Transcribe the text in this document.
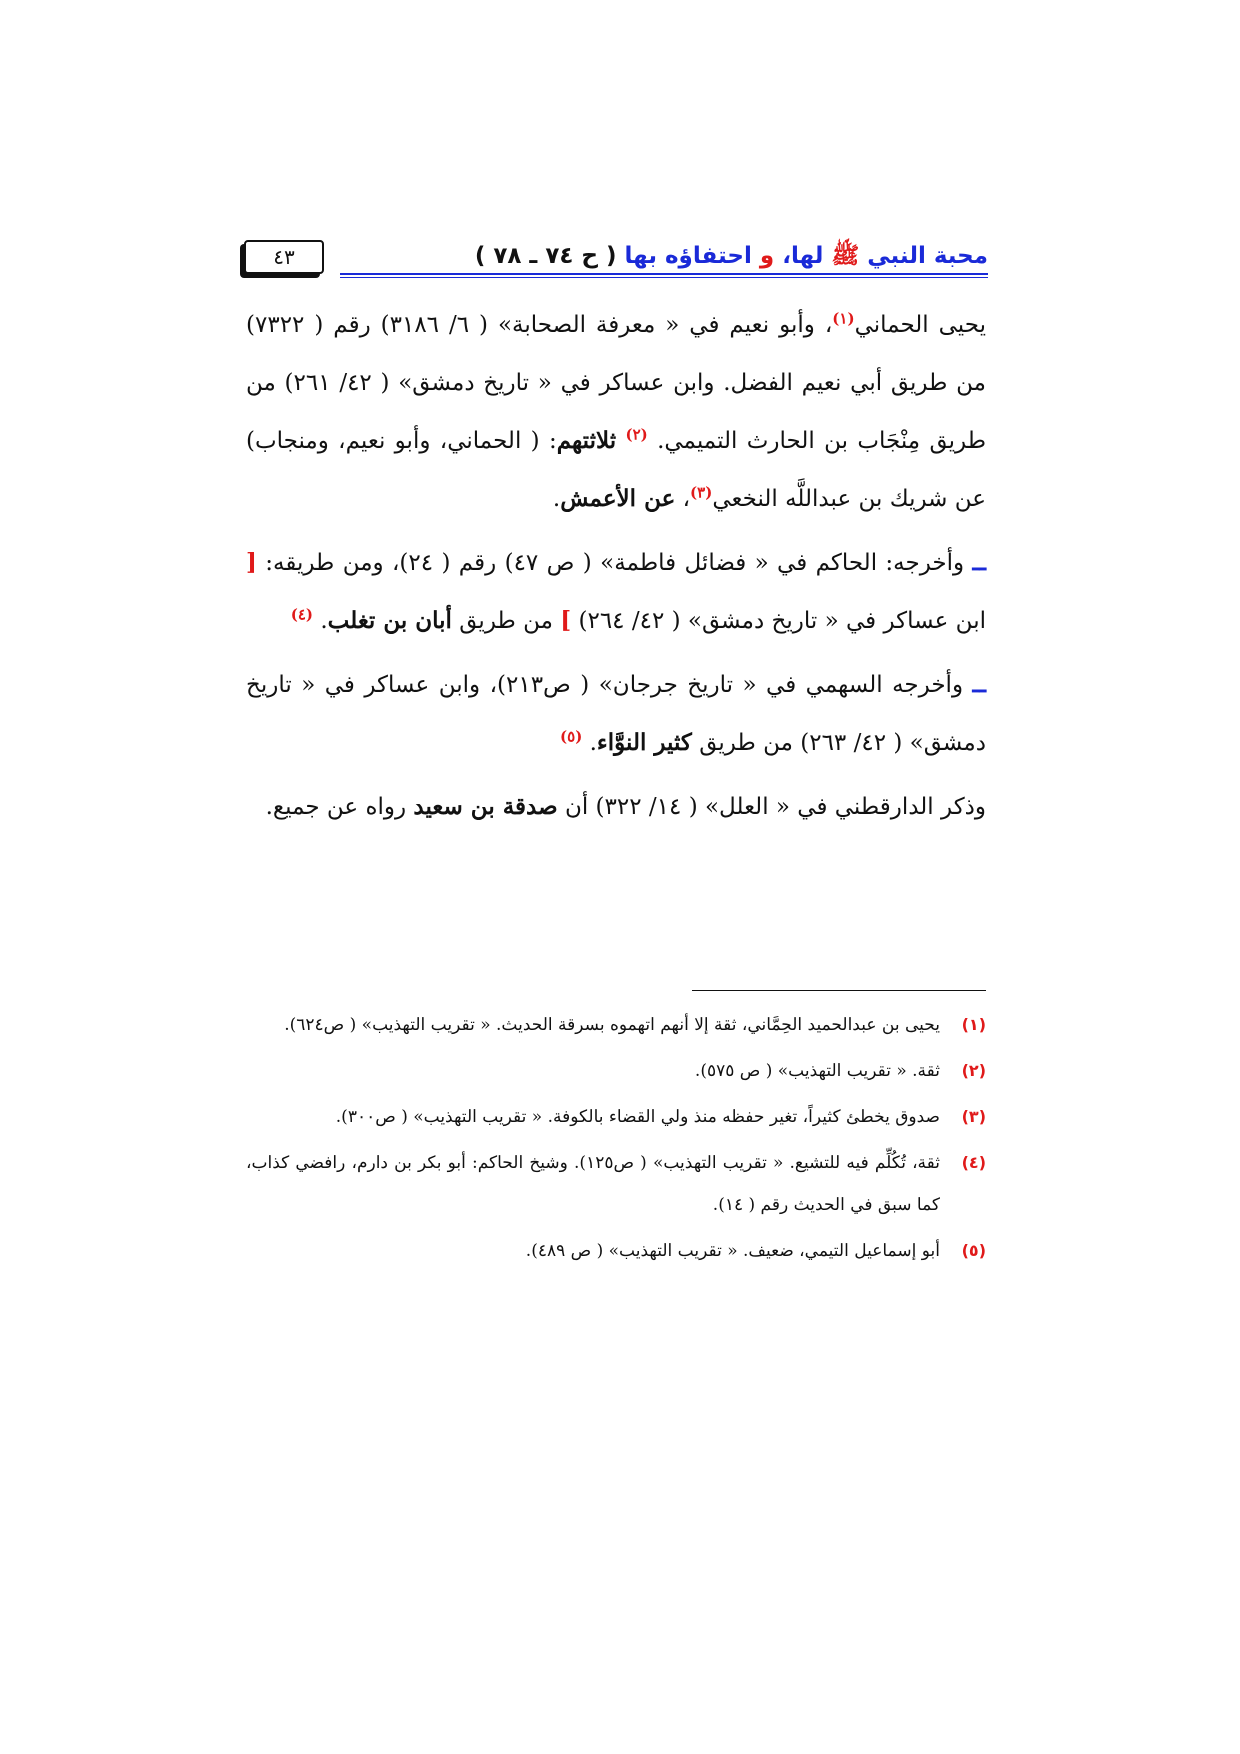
محبة النبي ﷺ لها، و احتفاؤه بها ( ح ٧٤ ـ ٧٨ )
٤٣

يحيى الحماني$^{(١)}$، وأبو نعيم في « معرفة الصحابة» ( ٦/ ٣١٨٦) رقم ( ٧٣٢٢) من طريق أبي نعيم الفضل. وابن عساكر في « تاريخ دمشق» ( ٤٢/ ٢٦١) من طريق مِنْجَاب بن الحارث التميمي. $^{(٢)}$ ثلاثتهم: ( الحماني، وأبو نعيم، ومنجاب) عن شريك بن عبداللَّه النخعي$^{(٣)}$، عن الأعمش.

ــ وأخرجه: الحاكم في « فضائل فاطمة» ( ص ٤٧) رقم ( ٢٤)، ومن طريقه: [ ابن عساكر في « تاريخ دمشق» ( ٤٢/ ٢٦٤) ] من طريق أبان بن تغلب. $^{(٤)}$

ــ وأخرجه السهمي في « تاريخ جرجان» ( ص٢١٣)، وابن عساكر في « تاريخ دمشق» ( ٤٢/ ٢٦٣) من طريق كثير النوَّاء. $^{(٥)}$

وذكر الدارقطني في « العلل» ( ١٤/ ٣٢٢) أن صدقة بن سعيد رواه عن جميع.

(١)
يحيى بن عبدالحميد الحِمَّاني، ثقة إلا أنهم اتهموه بسرقة الحديث. « تقريب التهذيب» ( ص٦٢٤).
(٢)
ثقة. « تقريب التهذيب» ( ص ٥٧٥).
(٣)
صدوق يخطئ كثيراً، تغير حفظه منذ ولي القضاء بالكوفة. « تقريب التهذيب» ( ص٣٠٠).
(٤)
ثقة، تُكُلِّم فيه للتشيع. « تقريب التهذيب» ( ص١٢٥). وشيخ الحاكم: أبو بكر بن دارم، رافضي كذاب، كما سبق في الحديث رقم ( ١٤).
(٥)
أبو إسماعيل التيمي، ضعيف. « تقريب التهذيب» ( ص ٤٨٩).
